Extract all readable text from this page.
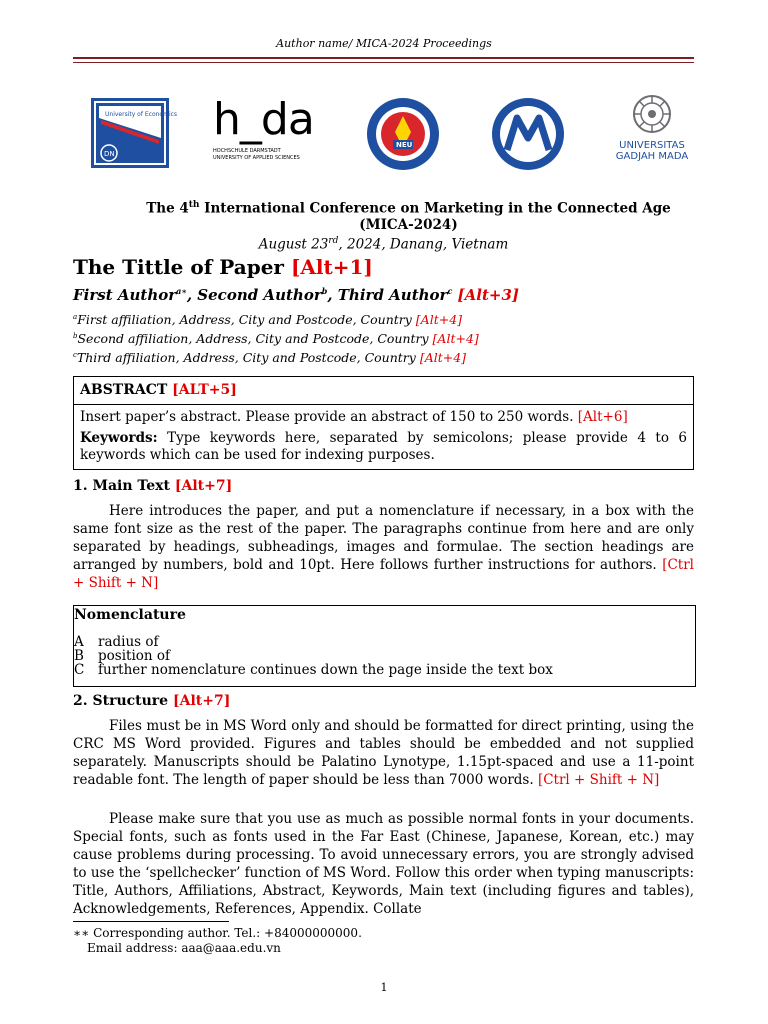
Author name/ MICA-2024 Proceedings
University of Economics
DN
h_da
HOCHSCHULE DARMSTADT
UNIVERSITY OF APPLIED SCIENCES
NEU	UNIVERSITAS
GADJAH MADA
The 4th International Conference on Marketing in the Connected Age
(MICA-2024)
August 23rd, 2024, Danang, Vietnam
The Tittle of Paper [Alt+1]
First Author$^{a∗}$, Second Author$^b$, Third Author$^c$ [Alt+3]
$^a$First affiliation, Address, City and Postcode, Country [Alt+4]
$^b$Second affiliation, Address, City and Postcode, Country [Alt+4]
$^c$Third affiliation, Address, City and Postcode, Country [Alt+4]
ABSTRACT [ALT+5]
Insert paper’s abstract. Please provide an abstract of 150 to 250 words. [Alt+6]
Keywords: Type keywords here, separated by semicolons; please provide 4 to 6 keywords which can be used for indexing purposes.
1. Main Text [Alt+7]
Here introduces the paper, and put a nomenclature if necessary, in a box with the same font size as the rest of the paper. The paragraphs continue from here and are only separated by headings, subheadings, images and formulae. The section headings are arranged by numbers, bold and 10pt. Here follows further instructions for authors. [Ctrl + Shift + N]
Nomenclature
A radius of
B position of
C further nomenclature continues down the page inside the text box
2. Structure [Alt+7]
Files must be in MS Word only and should be formatted for direct printing, using the CRC MS Word provided. Figures and tables should be embedded and not supplied separately. Manuscripts should be Palatino Lynotype, 1.15pt-spaced and use a 11-point readable font. The length of paper should be less than 7000 words. [Ctrl + Shift + N]
Please make sure that you use as much as possible normal fonts in your documents. Special fonts, such as fonts used in the Far East (Chinese, Japanese, Korean, etc.) may cause problems during processing. To avoid unnecessary errors, you are strongly advised to use the ‘spellchecker’ function of MS Word. Follow this order when typing manuscripts: Title, Authors, Affiliations, Abstract, Keywords, Main text (including figures and tables), Acknowledgements, References, Appendix. Collate
∗∗ Corresponding author. Tel.: +84000000000.
Email address: aaa@aaa.edu.vn
1
